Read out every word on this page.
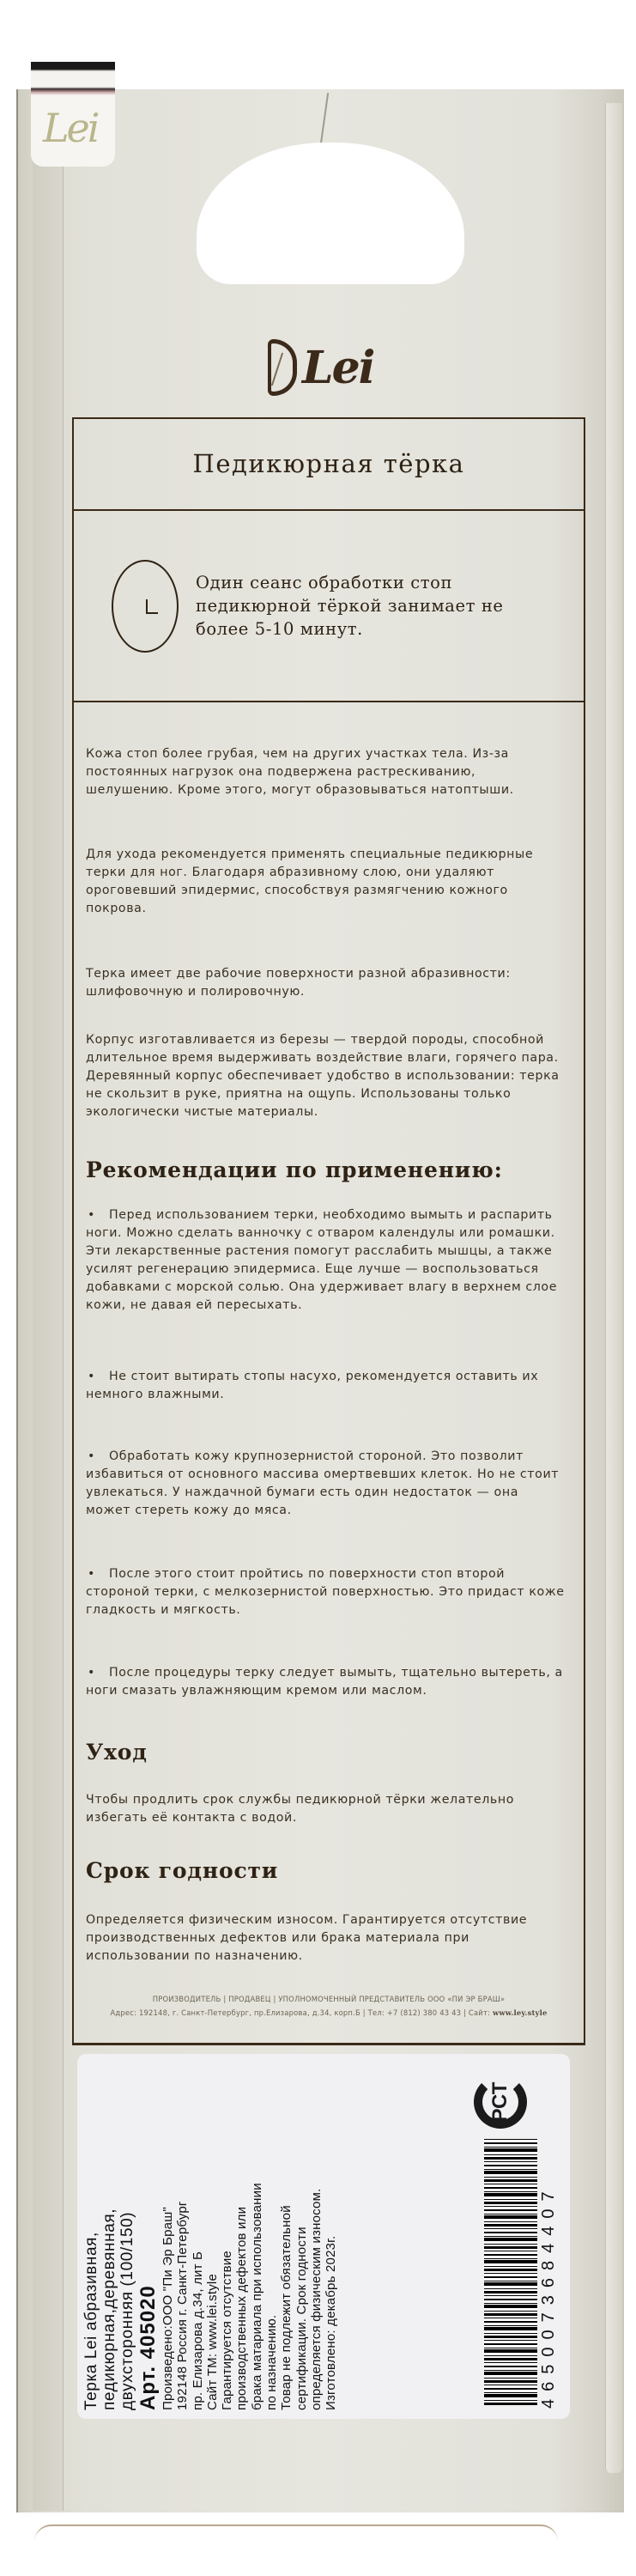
Lei
Lei
Педикюрная тёрка
Один сеанс обработки стоп педикюрной тёркой занимает не более 5-10 минут.

Кожа стоп более грубая, чем на других участках тела. Из-за постоянных нагрузок она подвержена растрескиванию, шелушению. Кроме этого, могут образовываться натоптыши.

Для ухода рекомендуется применять специальные педикюрные терки для ног. Благодаря абразивному слою, они удаляют ороговевший эпидермис, способствуя размягчению кожного покрова.

Терка имеет две рабочие поверхности разной абразивности: шлифовочную и полировочную.

Корпус изготавливается из березы — твердой породы, способной длительное время выдерживать воздействие влаги, горячего пара. Деревянный корпус обеспечивает удобство в использовании: терка не скользит в руке, приятна на ощупь. Использованы только экологически чистые материалы.

Рекомендации по применению:

• Перед использованием терки, необходимо вымыть и распарить ноги. Можно сделать ванночку с отваром календулы или ромашки. Эти лекарственные растения помогут расслабить мышцы, а также усилят регенерацию эпидермиса. Еще лучше — воспользоваться добавками с морской солью. Она удерживает влагу в верхнем слое кожи, не давая ей пересыхать.

• Не стоит вытирать стопы насухо, рекомендуется оставить их немного влажными.

• Обработать кожу крупнозернистой стороной. Это позволит избавиться от основного массива омертвевших клеток. Но не стоит увлекаться. У наждачной бумаги есть один недостаток — она может стереть кожу до мяса.

• После этого стоит пройтись по поверхности стоп второй стороной терки, с мелкозернистой поверхностью. Это придаст коже гладкость и мягкость.

• После процедуры терку следует вымыть, тщательно вытереть, а ноги смазать увлажняющим кремом или маслом.

Уход

Чтобы продлить срок службы педикюрной тёрки желательно избегать её контакта с водой.

Срок годности

Определяется физическим износом. Гарантируется отсутствие производственных дефектов или брака материала при использовании по назначению.

ПРОИЗВОДИТЕЛЬ | ПРОДАВЕЦ | УПОЛНОМОЧЕННЫЙ ПРЕДСТАВИТЕЛЬ ООО «ПИ ЭР БРАШ»
Адрес: 192148, г. Санкт-Петербург, пр.Елизарова, д.34, корп.Б | Тел: +7 (812) 380 43 43 | Сайт: www.ley.style
Терка Lei абразивная, педикюрная,деревянная, двухсторонняя (100/150) Арт. 405020 Произведено:ООО "Пи Эр Браш" 192148 Россия г. Санкт-Петербург пр. Елизарова д.34, лит Б Сайт ТМ: www.lei.style Гарантируется отсутствие производственных дефектов или брака матариала при использовании по назначению. Товар не подлежит обязательной сертификации. Срок годности определяется физическим износом. Изготовлено: декабрь 2023г.	4650073684407
РСТ
